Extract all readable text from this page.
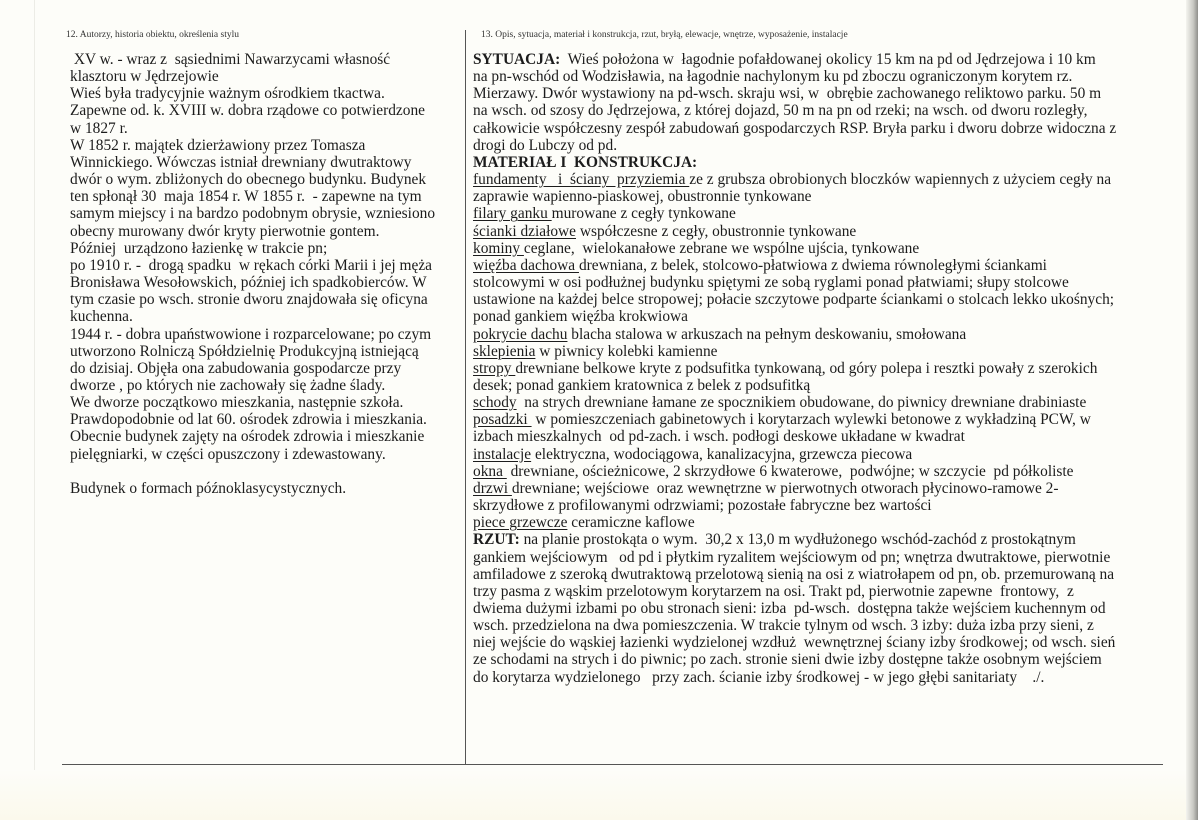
12. Autorzy, historia obiektu, określenia stylu
XV w. - wraz z  sąsiednimi Nawarzycami własność
klasztoru w Jędrzejowie
Wieś była tradycyjnie ważnym ośrodkiem tkactwa.
Zapewne od. k. XVIII w. dobra rządowe co potwierdzone
w 1827 r.
W 1852 r. majątek dzierżawiony przez Tomasza
Winnickiego. Wówczas istniał drewniany dwutraktowy
dwór o wym. zbliżonych do obecnego budynku. Budynek
ten spłonął 30  maja 1854 r. W 1855 r.  - zapewne na tym
samym miejscy i na bardzo podobnym obrysie, wzniesiono
obecny murowany dwór kryty pierwotnie gontem.
Później  urządzono łazienkę w trakcie pn;
po 1910 r. -  drogą spadku  w rękach córki Marii i jej męża
Bronisława Wesołowskich, później ich spadkobierców. W
tym czasie po wsch. stronie dworu znajdowała się oficyna
kuchenna.
1944 r. - dobra upaństwowione i rozparcelowane; po czym
utworzono Rolniczą Spółdzielnię Produkcyjną istniejącą
do dzisiaj. Objęła ona zabudowania gospodarcze przy
dworze , po których nie zachowały się żadne ślady.
We dworze początkowo mieszkania, następnie szkoła.
Prawdopodobnie od lat 60. ośrodek zdrowia i mieszkania.
Obecnie budynek zajęty na ośrodek zdrowia i mieszkanie
pielęgniarki, w części opuszczony i zdewastowany.
Budynek o formach późnoklasycystycznych.
13. Opis, sytuacja, materiał i konstrukcja, rzut, bryłą, elewacje, wnętrze, wyposażenie, instalacje
SYTUACJA:  Wieś położona w  łagodnie pofałdowanej okolicy 15 km na pd od Jędrzejowa i 10 km
na pn-wschód od Wodzisławia, na łagodnie nachylonym ku pd zboczu ograniczonym korytem rz.
Mierzawy. Dwór wystawiony na pd-wsch. skraju wsi, w  obrębie zachowanego reliktowo parku. 50 m
na wsch. od szosy do Jędrzejowa, z której dojazd, 50 m na pn od rzeki; na wsch. od dworu rozległy,
całkowicie współczesny zespół zabudowań gospodarczych RSP. Bryła parku i dworu dobrze widoczna z
drogi do Lubczy od pd.
MATERIAŁ I  KONSTRUKCJA:
fundamenty   i  ściany  przyziemia ze z grubsza obrobionych bloczków wapiennych z użyciem cegły na
zaprawie wapienno-piaskowej, obustronnie tynkowane
filary ganku murowane z cegły tynkowane
ścianki działowe współczesne z cegły, obustronnie tynkowane
kominy ceglane,  wielokanałowe zebrane we wspólne ujścia, tynkowane
więźba dachowa drewniana, z belek, stolcowo-płatwiowa z dwiema równoległymi ściankami
stolcowymi w osi podłużnej budynku spiętymi ze sobą ryglami ponad płatwiami; słupy stolcowe
ustawione na każdej belce stropowej; połacie szczytowe podparte ściankami o stolcach lekko ukośnych;
ponad gankiem więźba krokwiowa
pokrycie dachu blacha stalowa w arkuszach na pełnym deskowaniu, smołowana
sklepienia w piwnicy kolebki kamienne
stropy drewniane belkowe kryte z podsufitka tynkowaną, od góry polepa i resztki powały z szerokich
desek; ponad gankiem kratownica z belek z podsufitką
schody  na strych drewniane łamane ze spocznikiem obudowane, do piwnicy drewniane drabiniaste
posadzki  w pomieszczeniach gabinetowych i korytarzach wylewki betonowe z wykładziną PCW, w
izbach mieszkalnych  od pd-zach. i wsch. podłogi deskowe układane w kwadrat
instalacje elektryczna, wodociągowa, kanalizacyjna, grzewcza piecowa
okna  drewniane, ościeżnicowe, 2 skrzydłowe 6 kwaterowe,  podwójne; w szczycie  pd półkoliste
drzwi drewniane; wejściowe  oraz wewnętrzne w pierwotnych otworach płycinowo-ramowe 2-
skrzydłowe z profilowanymi odrzwiami; pozostałe fabryczne bez wartości
piece grzewcze ceramiczne kaflowe
RZUT: na planie prostokąta o wym.  30,2 x 13,0 m wydłużonego wschód-zachód z prostokątnym
gankiem wejściowym   od pd i płytkim ryzalitem wejściowym od pn; wnętrza dwutraktowe, pierwotnie
amfiladowe z szeroką dwutraktową przelotową sienią na osi z wiatrołapem od pn, ob. przemurowaną na
trzy pasma z wąskim przelotowym korytarzem na osi. Trakt pd, pierwotnie zapewne  frontowy,  z
dwiema dużymi izbami po obu stronach sieni: izba  pd-wsch.  dostępna także wejściem kuchennym od
wsch. przedzielona na dwa pomieszczenia. W trakcie tylnym od wsch. 3 izby: duża izba przy sieni, z
niej wejście do wąskiej łazienki wydzielonej wzdłuż  wewnętrznej ściany izby środkowej; od wsch. sień
ze schodami na strych i do piwnic; po zach. stronie sieni dwie izby dostępne także osobnym wejściem
do korytarza wydzielonego   przy zach. ścianie izby środkowej - w jego głębi sanitariaty    ./.
